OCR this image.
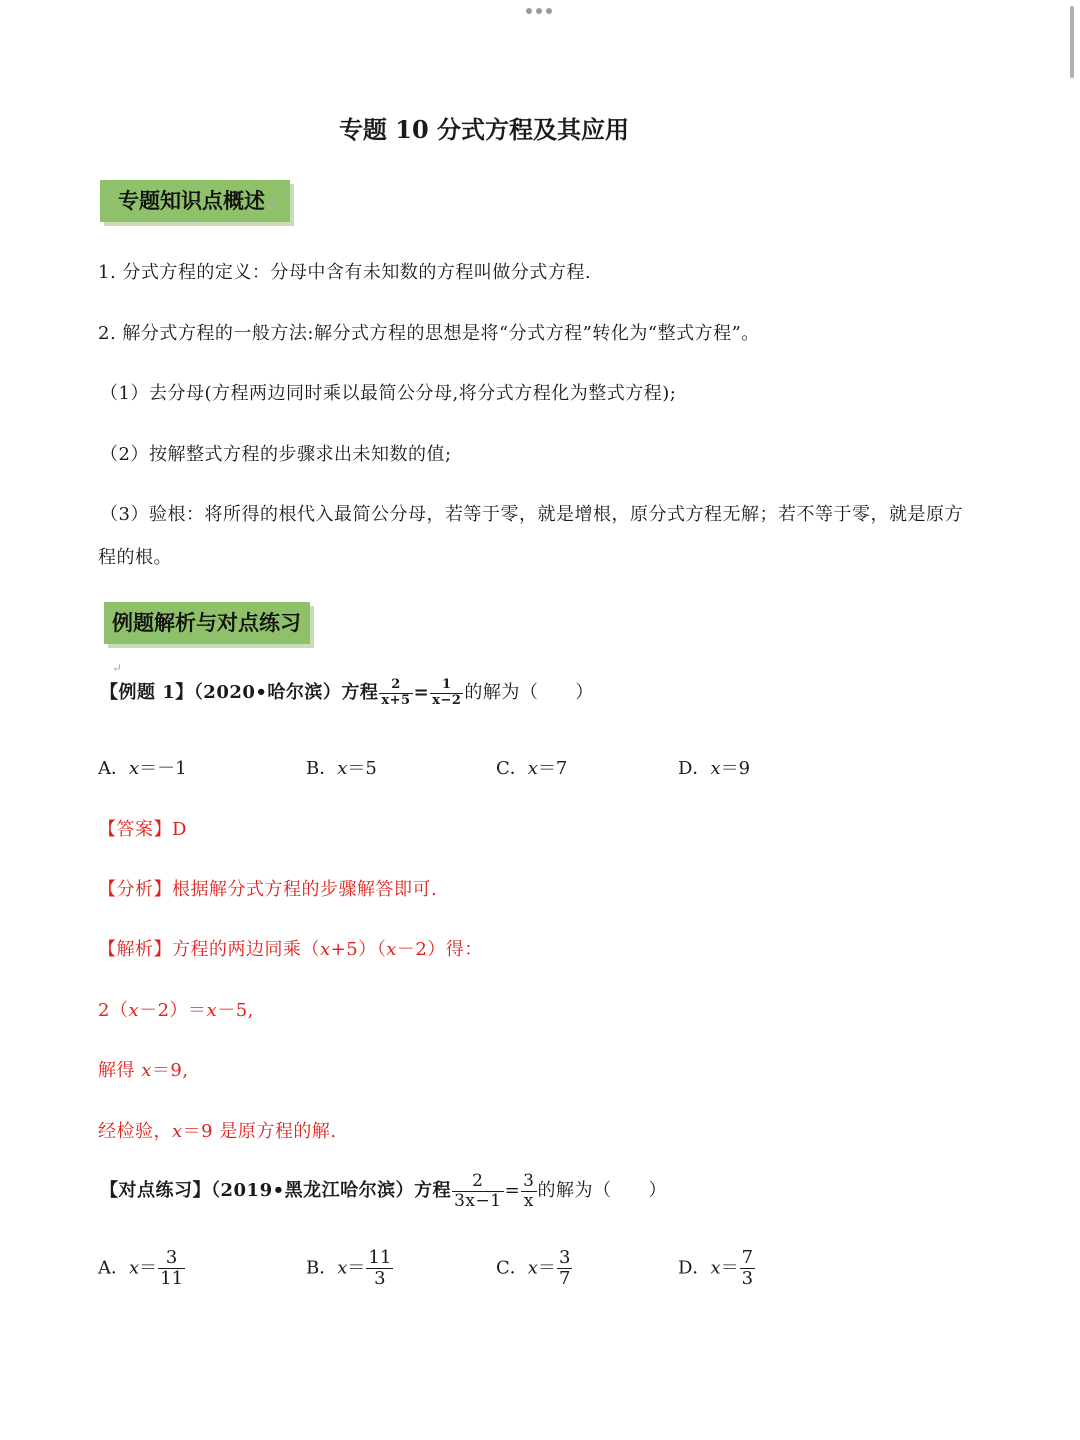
专题 10 分式方程及其应用
专题知识点概述↵
1. 分式方程的定义：分母中含有未知数的方程叫做分式方程.
2. 解分式方程的一般方法:解分式方程的思想是将“分式方程”转化为“整式方程”。
（1）去分母(方程两边同时乘以最简公分母,将分式方程化为整式方程);
（2）按解整式方程的步骤求出未知数的值;
（3）验根：将所得的根代入最简公分母，若等于零，就是增根，原分式方程无解；若不等于零，就是原方
程的根。
例题解析与对点练习↵
【例题 1】（2020•哈尔滨）方程 $\frac{2}{x+5} = \frac{1}{x-2}$ 的解为（　　）
A．x＝－1	B．x＝5	C．x＝7	D．x＝9
【答案】D
【分析】根据解分式方程的步骤解答即可.
【解析】方程的两边同乘（x+5）（x－2）得：
2（x－2）＝x－5,
解得 x＝9,
经检验，x＝9 是原方程的解.
【对点练习】（2019•黑龙江哈尔滨）方程 $\frac{2}{3x-1} = \frac{3}{x}$ 的解为（　　）
A．$x= \frac{3}{11}$	B．$x= \frac{11}{3}$	C．$x= \frac{3}{7}$	D．$x= \frac{7}{3}$
